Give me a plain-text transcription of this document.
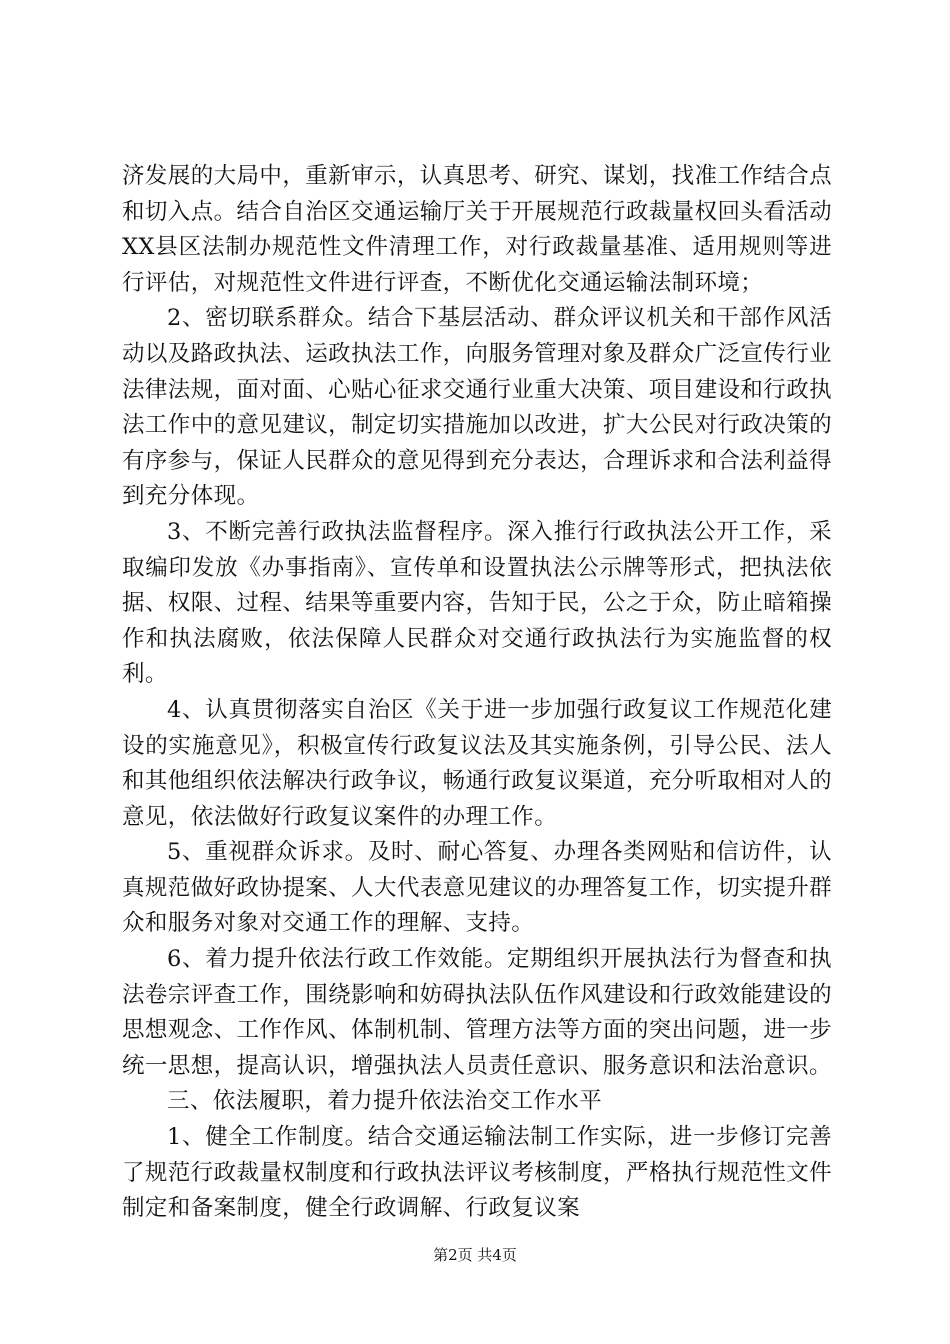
济发展的大局中，重新审示，认真思考、研究、谋划，找准工作结合点和切入点。结合自治区交通运输厅关于开展规范行政裁量权回头看活动XX县区法制办规范性文件清理工作，对行政裁量基准、适用规则等进行评估，对规范性文件进行评查，不断优化交通运输法制环境；

2、密切联系群众。结合下基层活动、群众评议机关和干部作风活动以及路政执法、运政执法工作，向服务管理对象及群众广泛宣传行业法律法规，面对面、心贴心征求交通行业重大决策、项目建设和行政执法工作中的意见建议，制定切实措施加以改进，扩大公民对行政决策的有序参与，保证人民群众的意见得到充分表达，合理诉求和合法利益得到充分体现。

3、不断完善行政执法监督程序。深入推行行政执法公开工作，采取编印发放《办事指南》、宣传单和设置执法公示牌等形式，把执法依据、权限、过程、结果等重要内容，告知于民，公之于众，防止暗箱操作和执法腐败，依法保障人民群众对交通行政执法行为实施监督的权利。

4、认真贯彻落实自治区《关于进一步加强行政复议工作规范化建设的实施意见》，积极宣传行政复议法及其实施条例，引导公民、法人和其他组织依法解决行政争议，畅通行政复议渠道，充分听取相对人的意见，依法做好行政复议案件的办理工作。

5、重视群众诉求。及时、耐心答复、办理各类网贴和信访件，认真规范做好政协提案、人大代表意见建议的办理答复工作，切实提升群众和服务对象对交通工作的理解、支持。

6、着力提升依法行政工作效能。定期组织开展执法行为督查和执法卷宗评查工作，围绕影响和妨碍执法队伍作风建设和行政效能建设的思想观念、工作作风、体制机制、管理方法等方面的突出问题，进一步统一思想，提高认识，增强执法人员责任意识、服务意识和法治意识。

三、依法履职，着力提升依法治交工作水平

1、健全工作制度。结合交通运输法制工作实际，进一步修订完善了规范行政裁量权制度和行政执法评议考核制度，严格执行规范性文件制定和备案制度，健全行政调解、行政复议案

第2页 共4页
